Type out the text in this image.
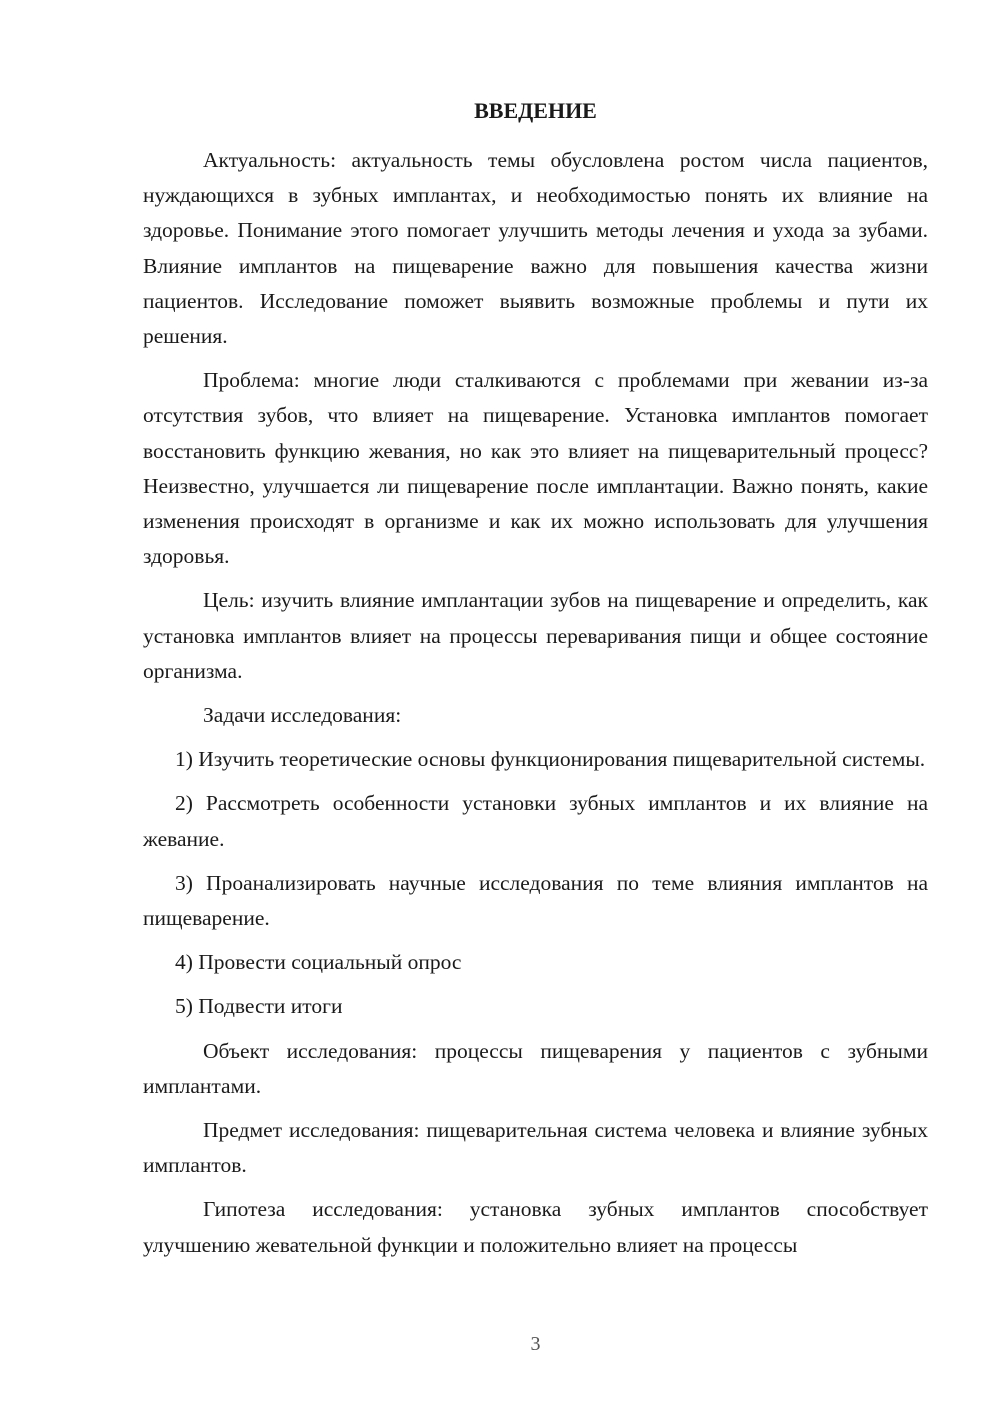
ВВЕДЕНИЕ

Актуальность: актуальность темы обусловлена ростом числа пациентов, нуждающихся в зубных имплантах, и необходимостью понять их влияние на здоровье. Понимание этого помогает улучшить методы лечения и ухода за зубами. Влияние имплантов на пищеварение важно для повышения качества жизни пациентов. Исследование поможет выявить возможные проблемы и пути их решения.

Проблема: многие люди сталкиваются с проблемами при жевании из-за отсутствия зубов, что влияет на пищеварение. Установка имплантов помогает восстановить функцию жевания, но как это влияет на пищеварительный процесс? Неизвестно, улучшается ли пищеварение после имплантации. Важно понять, какие изменения происходят в организме и как их можно использовать для улучшения здоровья.

Цель: изучить влияние имплантации зубов на пищеварение и определить, как установка имплантов влияет на процессы переваривания пищи и общее состояние организма.

Задачи исследования:

1) Изучить теоретические основы функционирования пищеварительной системы.

2) Рассмотреть особенности установки зубных имплантов и их влияние на жевание.

3) Проанализировать научные исследования по теме влияния имплантов на пищеварение.

4) Провести социальный опрос

5) Подвести итоги

Объект исследования: процессы пищеварения у пациентов с зубными имплантами.

Предмет исследования: пищеварительная система человека и влияние зубных имплантов.

Гипотеза исследования: установка зубных имплантов способствует улучшению жевательной функции и положительно влияет на процессы

3
